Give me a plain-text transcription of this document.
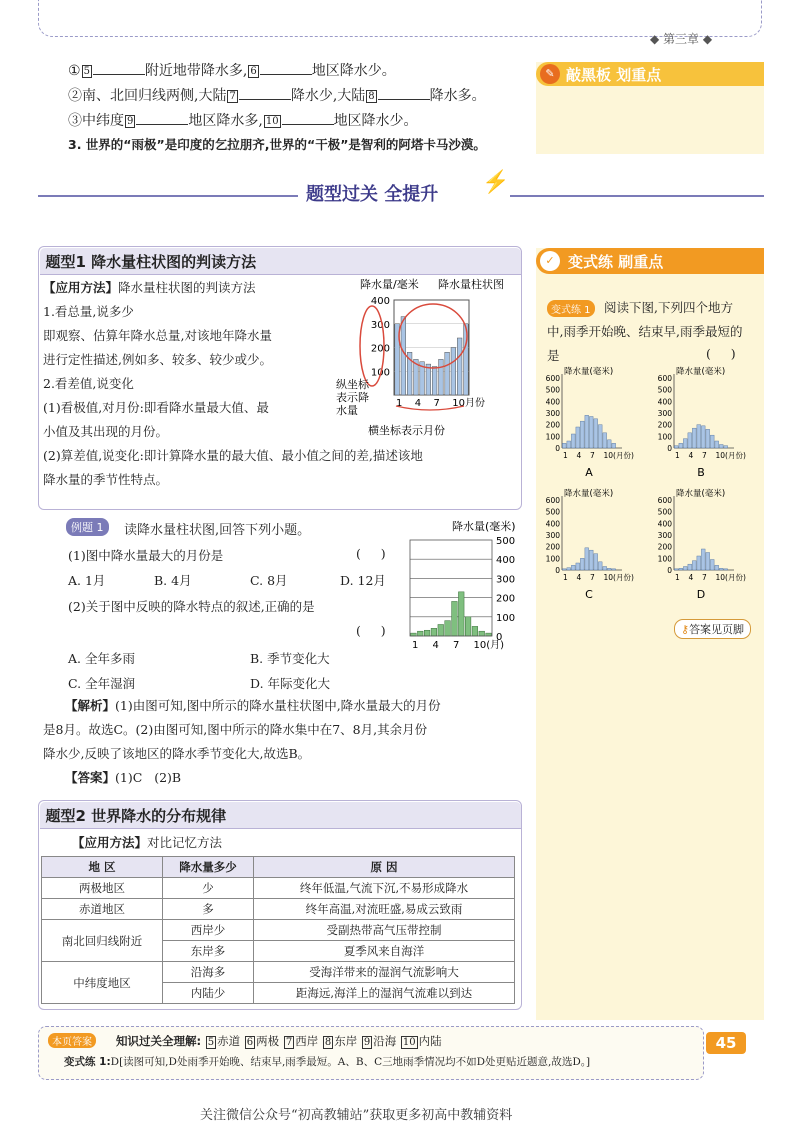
◆ 第三章 ◆
① 5	附近地带降水多, 6	地区降水少。
②南、北回归线两侧,大陆 7	降水少,大陆 8	降水多。
③中纬度 9	地区降水多, 10	地区降水少。
3. 世界的“雨极”是印度的乞拉朋齐,世界的“干极”是智利的阿塔卡马沙漠。
✎ 敲黑板 划重点
题型过关 全提升 ⚡
题型1 降水量柱状图的判读方法
【应用方法】降水量柱状图的判读方法
1.看总量,说多少
即观察、估算年降水总量,对该地年降水量
进行定性描述,例如多、较多、较少或少。
2.看差值,说变化
(1)看极值,对月份:即看降水量最大值、最
小值及其出现的月份。
(2)算差值,说变化:即计算降水量的最大值、最小值之间的差,描述该地
降水量的季节性特点。
降水量/毫米 降水量柱状图
400
300
200
100
1 4 7 10月份
纵坐标
表示降
水量
横坐标表示月份
例题 1	读降水量柱状图,回答下列小题。
(1)图中降水量最大的月份是	(     )
A. 1月	B. 4月	C. 8月	D. 12月
(2)关于图中反映的降水特点的叙述,正确的是
(     )
A. 全年多雨	B. 季节变化大
C. 全年湿润	D. 年际变化大
降水量(毫米)
500
400
300
200
100
0
1 4 7 10(月)
【解析】(1)由图可知,图中所示的降水量柱状图中,降水量最大的月份
是8月。故选C。(2)由图可知,图中所示的降水集中在7、8月,其余月份
降水少,反映了该地区的降水季节变化大,故选B。
【答案】(1)C   (2)B
题型2 世界降水的分布规律
【应用方法】对比记忆方法
地 区	降水量多少	原 因
两极地区	少	终年低温,气流下沉,不易形成降水
赤道地区	多	终年高温,对流旺盛,易成云致雨
南北回归线附近	西岸少	受副热带高气压带控制
	东岸多	夏季风来自海洋
中纬度地区	沿海多	受海洋带来的湿润气流影响大
	内陆少	距海远,海洋上的湿润气流难以到达
✓ 变式练 刷重点
变式练 1	阅读下图,下列四个地方
中,雨季开始晚、结束早,雨季最短的
是	(     )
降水量(毫米)
600
500
400
300
200
100
0
1 4 7 10(月份)
A
降水量(毫米)
600
500
400
300
200
100
0
1 4 7 10(月份)
B
降水量(毫米)
600
500
400
300
200
100
0
1 4 7 10(月份)
C
降水量(毫米)
600
500
400
300
200
100
0
1 4 7 10(月份)
D
⚷答案见页脚
本页答案	知识过关全理解: 5 赤道 6 两极 7 西岸 8 东岸 9 沿海 10 内陆
变式练 1:D[读图可知,D处雨季开始晚、结束早,雨季最短。A、B、C三地雨季情况均不如D处更贴近题意,故选D。]
45
关注微信公众号“初高教辅站”获取更多初高中教辅资料
